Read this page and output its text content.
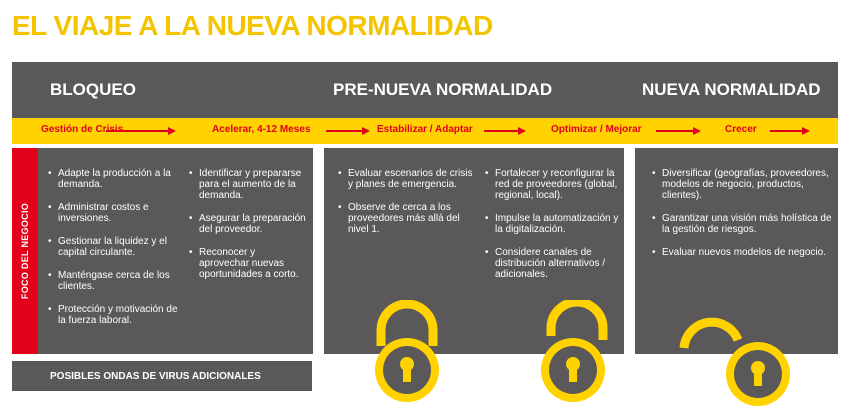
EL VIAJE A LA NUEVA NORMALIDAD
BLOQUEO	PRE-NUEVA NORMALIDAD	NUEVA NORMALIDAD
Gestión de Crisis	Acelerar, 4-12 Meses	Estabilizar / Adaptar	Optimizar / Mejorar	Crecer
FOCO DEL NEGOCIO
• Adapte la producción a la demanda.
• Administrar costos e inversiones.
• Gestionar la liquidez y el capital circulante.
• Manténgase cerca de los clientes.
• Protección y motivación de la fuerza laboral.
• Identificar y prepararse para el aumento de la demanda.
• Asegurar la preparación del proveedor.
• Reconocer y aprovechar nuevas oportunidades a corto.
• Evaluar escenarios de crisis y planes de emergencia.
• Observe de cerca a los proveedores más allá del nivel 1.
• Fortalecer y reconfigurar la red de proveedores (global, regional, local).
• Impulse la automatización y la digitalización.
• Considere canales de distribución alternativos / adicionales.
• Diversificar (geografías, proveedores, modelos de negocio, productos, clientes).
• Garantizar una visión más holística de la gestión de riesgos.
• Evaluar nuevos modelos de negocio.
POSIBLES ONDAS DE VIRUS ADICIONALES
